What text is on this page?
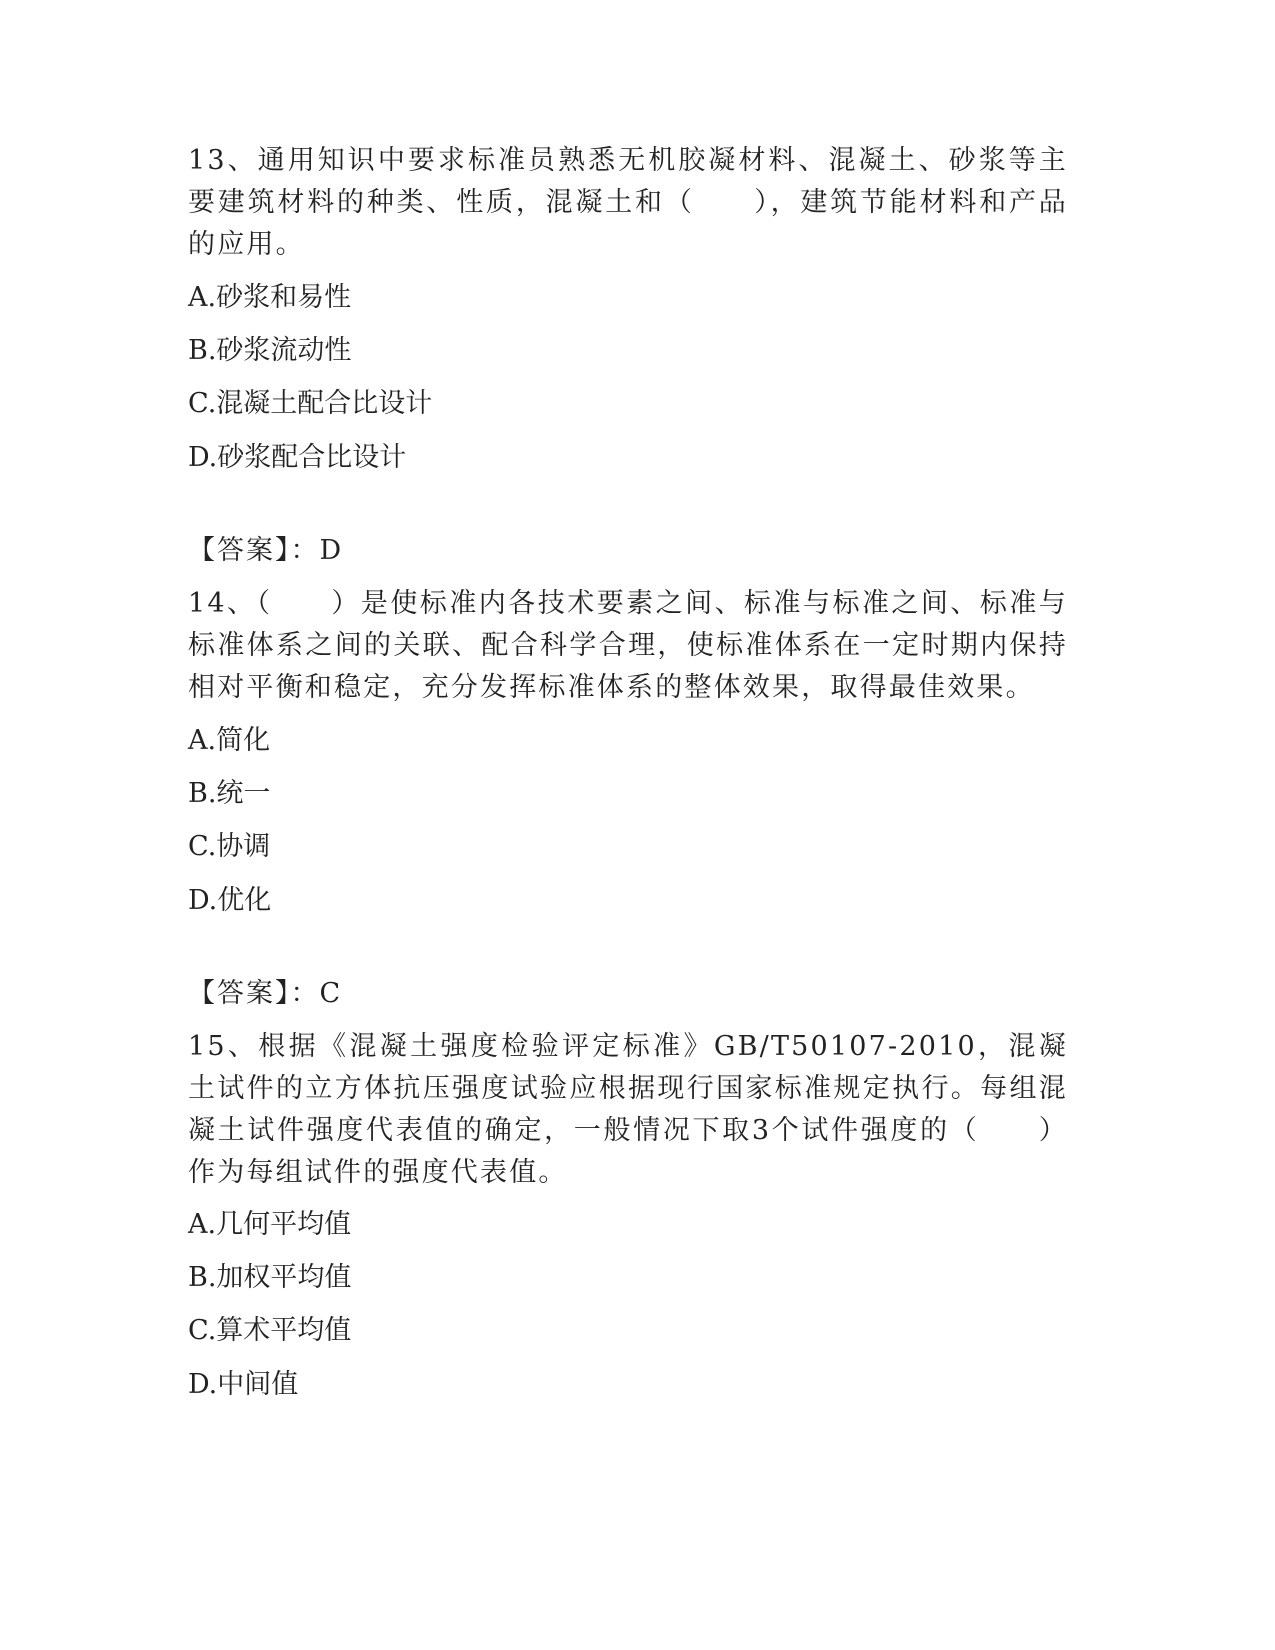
13、通用知识中要求标准员熟悉无机胶凝材料、混凝土、砂浆等主要建筑材料的种类、性质，混凝土和（　　），建筑节能材料和产品的应用。
A.砂浆和易性
B.砂浆流动性
C.混凝土配合比设计
D.砂浆配合比设计
【答案】：D
14、（　　）是使标准内各技术要素之间、标准与标准之间、标准与标准体系之间的关联、配合科学合理，使标准体系在一定时期内保持相对平衡和稳定，充分发挥标准体系的整体效果，取得最佳效果。
A.简化
B.统一
C.协调
D.优化
【答案】：C
15、根据《混凝土强度检验评定标准》GB/T50107-2010，混凝土试件的立方体抗压强度试验应根据现行国家标准规定执行。每组混凝土试件强度代表值的确定，一般情况下取3个试件强度的（　　）作为每组试件的强度代表值。
A.几何平均值
B.加权平均值
C.算术平均值
D.中间值
